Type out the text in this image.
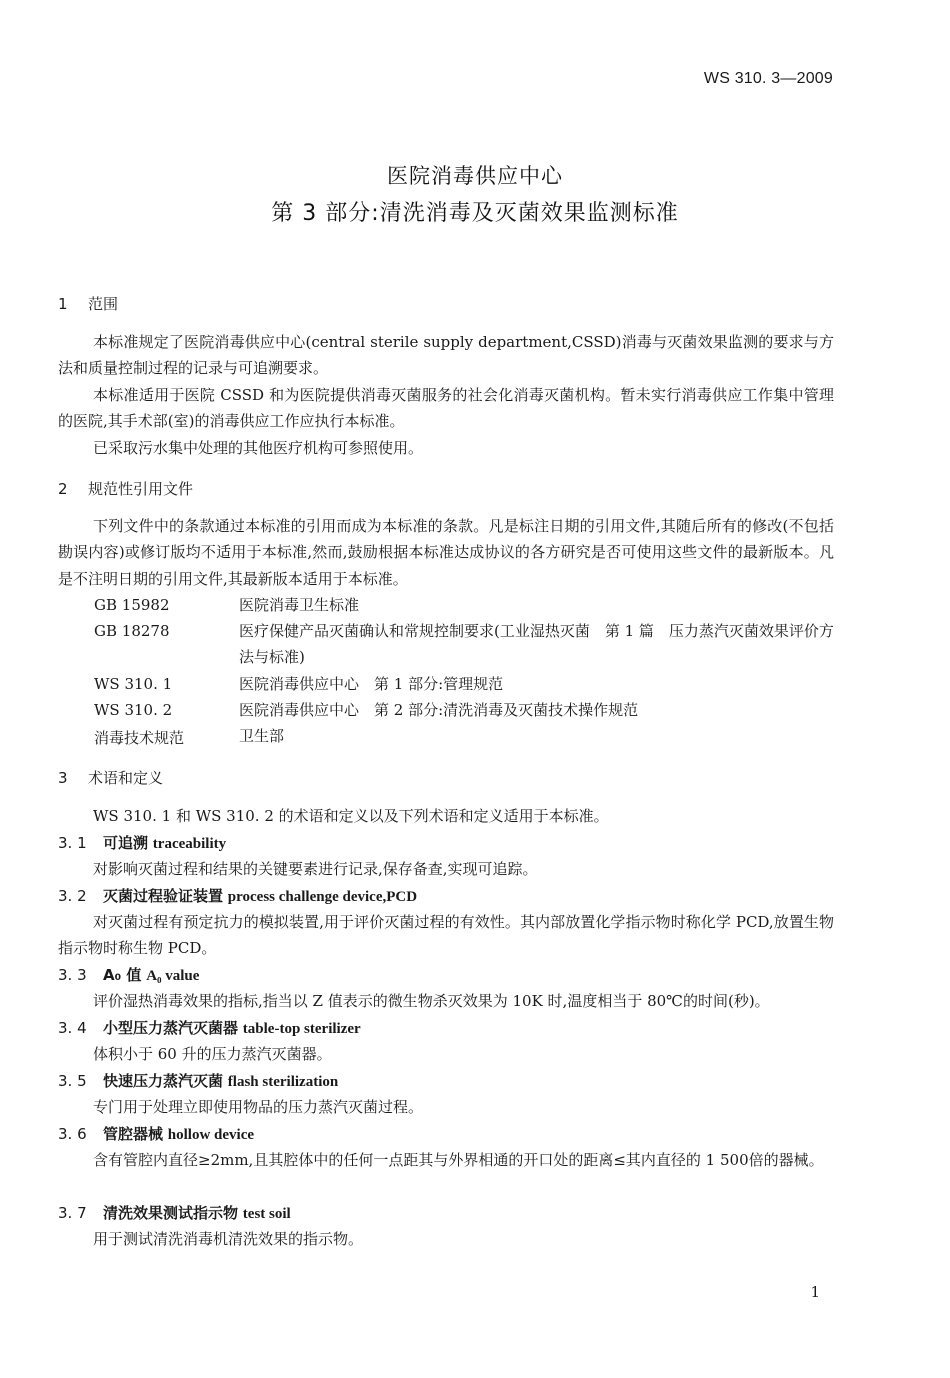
WS 310. 3—2009
医院消毒供应中心
第 3 部分:清洗消毒及灭菌效果监测标准
1 范围
本标准规定了医院消毒供应中心(central sterile supply department,CSSD)消毒与灭菌效果监测的要求与方法和质量控制过程的记录与可追溯要求。
本标准适用于医院 CSSD 和为医院提供消毒灭菌服务的社会化消毒灭菌机构。暂未实行消毒供应工作集中管理的医院,其手术部(室)的消毒供应工作应执行本标准。
已采取污水集中处理的其他医疗机构可参照使用。
2 规范性引用文件
下列文件中的条款通过本标准的引用而成为本标准的条款。凡是标注日期的引用文件,其随后所有的修改(不包括勘误内容)或修订版均不适用于本标准,然而,鼓励根据本标准达成协议的各方研究是否可使用这些文件的最新版本。凡是不注明日期的引用文件,其最新版本适用于本标准。
GB 15982	医院消毒卫生标准
GB 18278	医疗保健产品灭菌确认和常规控制要求(工业湿热灭菌　第 1 篇　压力蒸汽灭菌效果评价方法与标准)
WS 310. 1	医院消毒供应中心　第 1 部分:管理规范
WS 310. 2	医院消毒供应中心　第 2 部分:清洗消毒及灭菌技术操作规范
消毒技术规范	卫生部
3 术语和定义
WS 310. 1 和 WS 310. 2 的术语和定义以及下列术语和定义适用于本标准。
3. 1 可追溯 traceability
对影响灭菌过程和结果的关键要素进行记录,保存备查,实现可追踪。
3. 2 灭菌过程验证装置 process challenge device,PCD
对灭菌过程有预定抗力的模拟装置,用于评价灭菌过程的有效性。其内部放置化学指示物时称化学 PCD,放置生物指示物时称生物 PCD。
3. 3 A₀ 值 A₀ value
评价湿热消毒效果的指标,指当以 Z 值表示的微生物杀灭效果为 10K 时,温度相当于 80℃的时间(秒)。
3. 4 小型压力蒸汽灭菌器 table-top sterilizer
体积小于 60 升的压力蒸汽灭菌器。
3. 5 快速压力蒸汽灭菌 flash sterilization
专门用于处理立即使用物品的压力蒸汽灭菌过程。
3. 6 管腔器械 hollow device
含有管腔内直径≥2mm,且其腔体中的任何一点距其与外界相通的开口处的距离≤其内直径的 1 500倍的器械。
3. 7 清洗效果测试指示物 test soil
用于测试清洗消毒机清洗效果的指示物。
1
